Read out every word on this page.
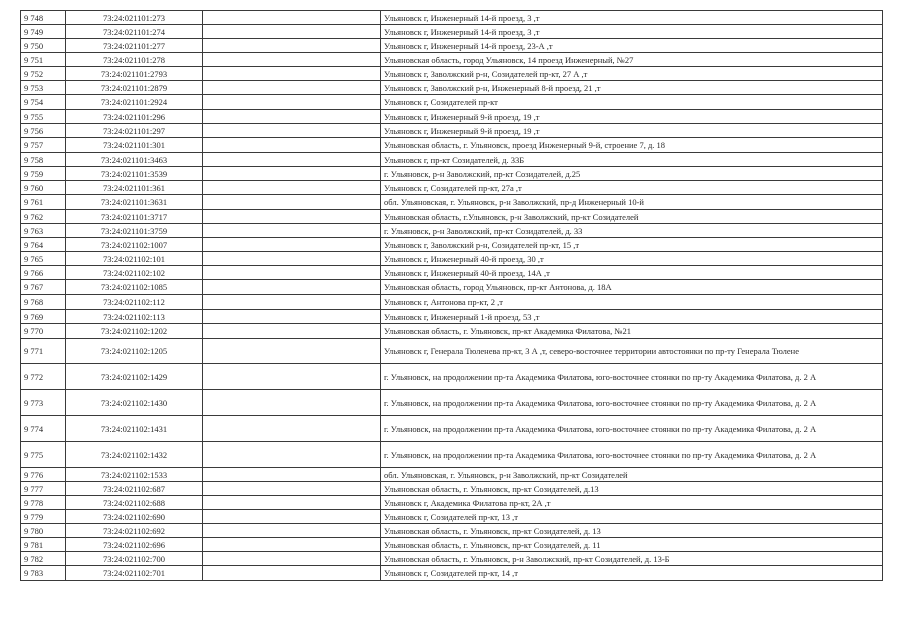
9 748	73:24:021101:273		Ульяновск г, Инженерный 14-й проезд, 3 ,т
9 749	73:24:021101:274		Ульяновск г, Инженерный 14-й проезд, 3 ,т
9 750	73:24:021101:277		Ульяновск г, Инженерный 14-й проезд, 23-А ,т
9 751	73:24:021101:278		Ульяновская область, город Ульяновск, 14 проезд Инженерный, №27
9 752	73:24:021101:2793		Ульяновск г, Заволжский р-н, Созидателей пр-кт, 27 А ,т
9 753	73:24:021101:2879		Ульяновск г, Заволжский р-н, Инженерный 8-й проезд, 21 ,т
9 754	73:24:021101:2924		Ульяновск г, Созидателей пр-кт
9 755	73:24:021101:296		Ульяновск г, Инженерный 9-й проезд, 19 ,т
9 756	73:24:021101:297		Ульяновск г, Инженерный 9-й проезд, 19 ,т
9 757	73:24:021101:301		Ульяновская область, г. Ульяновск, проезд Инженерный 9-й, строение 7, д. 18
9 758	73:24:021101:3463		Ульяновск г, пр-кт Созидателей, д. 33Б
9 759	73:24:021101:3539		г. Ульяновск, р-н Заволжский, пр-кт Созидателей, д.25
9 760	73:24:021101:361		Ульяновск г, Созидателей пр-кт, 27а ,т
9 761	73:24:021101:3631		обл. Ульяновская, г. Ульяновск, р-н Заволжский, пр-д Инженерный 10-й
9 762	73:24:021101:3717		Ульяновская область, г.Ульяновск, р-н Заволжский, пр-кт Созидателей
9 763	73:24:021101:3759		г. Ульяновск, р-н Заволжский, пр-кт Созидателей, д. 33
9 764	73:24:021102:1007		Ульяновск г, Заволжский р-н, Созидателей пр-кт, 15 ,т
9 765	73:24:021102:101		Ульяновск г, Инженерный 40-й проезд, 30 ,т
9 766	73:24:021102:102		Ульяновск г, Инженерный 40-й проезд, 14А ,т
9 767	73:24:021102:1085		Ульяновская область, город Ульяновск, пр-кт Антонова, д. 18А
9 768	73:24:021102:112		Ульяновск г, Антонова пр-кт, 2 ,т
9 769	73:24:021102:113		Ульяновск г, Инженерный 1-й проезд, 53 ,т
9 770	73:24:021102:1202		Ульяновская область, г. Ульяновск, пр-кт Академика Филатова, №21
9 771	73:24:021102:1205		Ульяновск г, Генерала Тюленева пр-кт, 3 А ,т, северо-восточнее территории автостоянки по пр-ту Генерала Тюлене
9 772	73:24:021102:1429		г. Ульяновск, на продолжении пр-та Академика Филатова, юго-восточнее стоянки по пр-ту Академика Филатова, д. 2 А
9 773	73:24:021102:1430		г. Ульяновск, на продолжении пр-та Академика Филатова, юго-восточнее стоянки по пр-ту Академика Филатова, д. 2 А
9 774	73:24:021102:1431		г. Ульяновск, на продолжении пр-та Академика Филатова, юго-восточнее стоянки по пр-ту Академика Филатова, д. 2 А
9 775	73:24:021102:1432		г. Ульяновск, на продолжении пр-та Академика Филатова, юго-восточнее стоянки по пр-ту Академика Филатова, д. 2 А
9 776	73:24:021102:1533		обл. Ульяновская, г. Ульяновск, р-н Заволжский, пр-кт Созидателей
9 777	73:24:021102:687		Ульяновская область, г. Ульяновск, пр-кт Созидателей, д.13
9 778	73:24:021102:688		Ульяновск г, Академика Филатова пр-кт, 2А ,т
9 779	73:24:021102:690		Ульяновск г, Созидателей пр-кт, 13 ,т
9 780	73:24:021102:692		Ульяновская область, г. Ульяновск, пр-кт Созидателей, д. 13
9 781	73:24:021102:696		Ульяновская область, г. Ульяновск, пр-кт Созидателей, д. 11
9 782	73:24:021102:700		Ульяновская область, г. Ульяновск, р-н Заволжский, пр-кт Созидателей, д. 13-Б
9 783	73:24:021102:701		Ульяновск г, Созидателей пр-кт, 14 ,т
